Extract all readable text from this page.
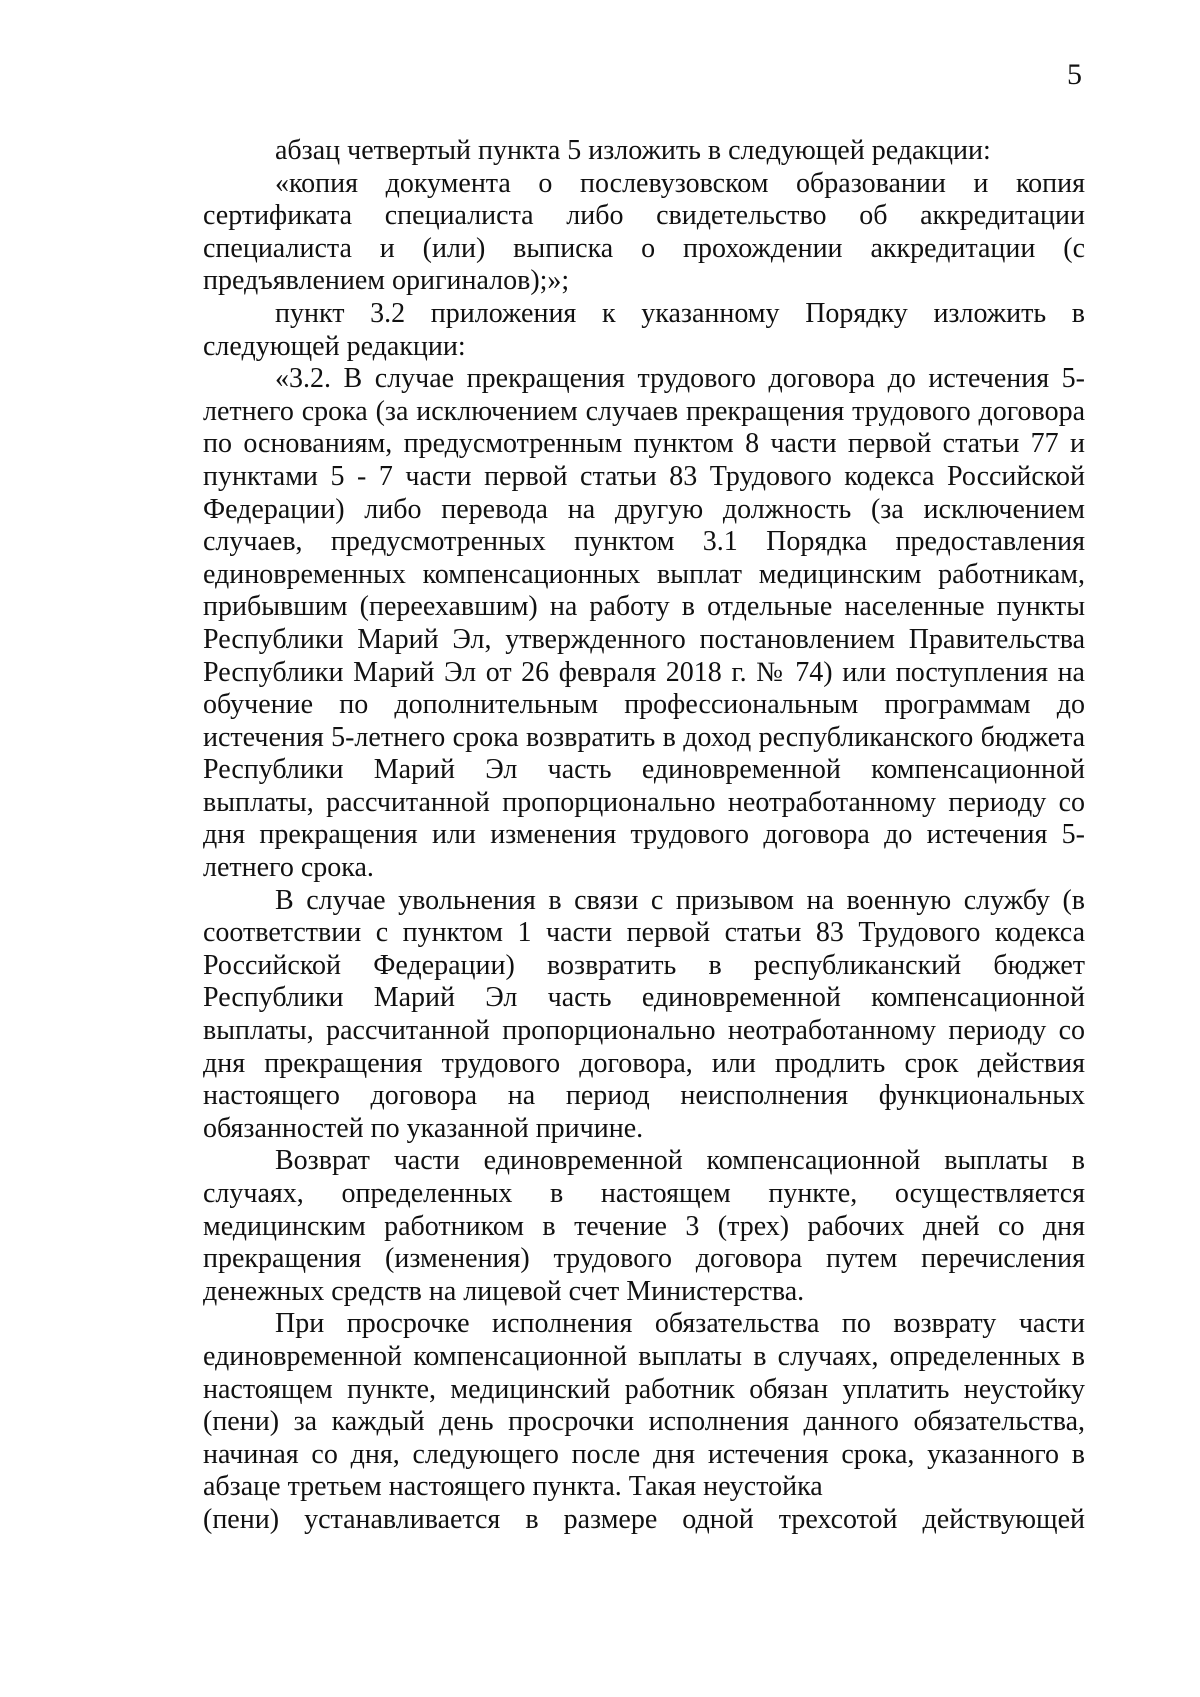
5

абзац четвертый пункта 5 изложить в следующей редакции:

«копия документа о послевузовском образовании и копия сертификата специалиста либо свидетельство об аккредитации специалиста и (или) выписка о прохождении аккредитации (с предъявлением оригиналов);»;

пункт 3.2 приложения к указанному Порядку изложить в следующей редакции:

«3.2. В случае прекращения трудового договора до истечения 5-летнего срока (за исключением случаев прекращения трудового договора по основаниям, предусмотренным пунктом 8 части первой статьи 77 и пунктами 5 - 7 части первой статьи 83 Трудового кодекса Российской Федерации) либо перевода на другую должность (за исключением случаев, предусмотренных пунктом 3.1 Порядка предоставления единовременных компенсационных выплат медицинским работникам, прибывшим (переехавшим) на работу в отдельные населенные пункты Республики Марий Эл, утвержденного постановлением Правительства Республики Марий Эл от 26 февраля 2018 г. № 74) или поступления на обучение по дополнительным профессиональным программам до истечения 5-летнего срока возвратить в доход республиканского бюджета Республики Марий Эл часть единовременной компенсационной выплаты, рассчитанной пропорционально неотработанному периоду со дня прекращения или изменения трудового договора до истечения 5-летнего срока.

В случае увольнения в связи с призывом на военную службу (в соответствии с пунктом 1 части первой статьи 83 Трудового кодекса Российской Федерации) возвратить в республиканский бюджет Республики Марий Эл часть единовременной компенсационной выплаты, рассчитанной пропорционально неотработанному периоду со дня прекращения трудового договора, или продлить срок действия настоящего договора на период неисполнения функциональных обязанностей по указанной причине.

Возврат части единовременной компенсационной выплаты в случаях, определенных в настоящем пункте, осуществляется медицинским работником в течение 3 (трех) рабочих дней со дня прекращения (изменения) трудового договора путем перечисления денежных средств на лицевой счет Министерства.

При просрочке исполнения обязательства по возврату части единовременной компенсационной выплаты в случаях, определенных в настоящем пункте, медицинский работник обязан уплатить неустойку (пени) за каждый день просрочки исполнения данного обязательства, начиная со дня, следующего после дня истечения срока, указанного в абзаце третьем настоящего пункта. Такая неустойка

(пени) устанавливается в размере одной трехсотой действующей
